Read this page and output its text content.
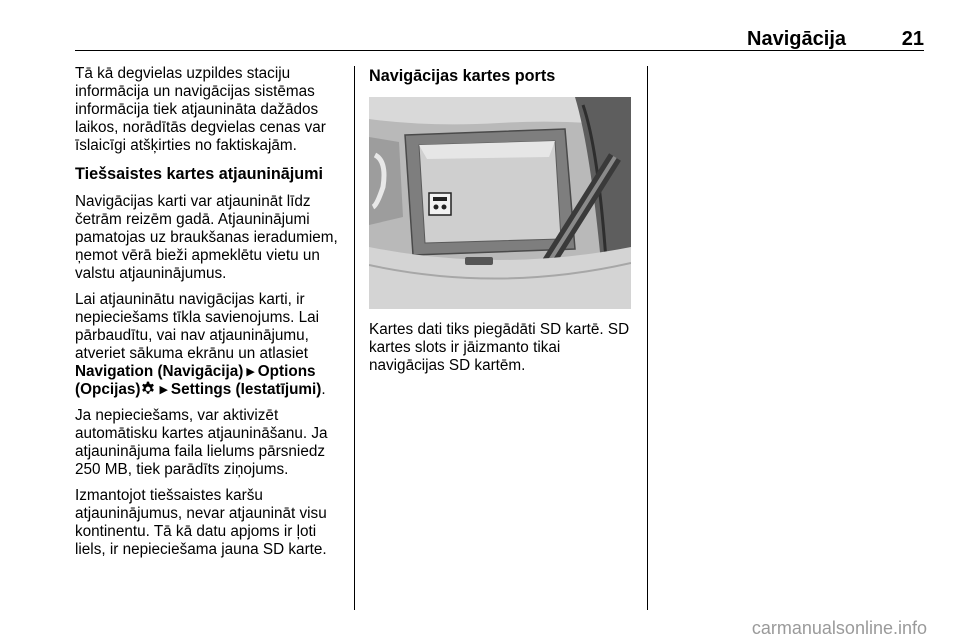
Navigācija	21

Tā kā degvielas uzpildes staciju informācija un navigācijas sistēmas informācija tiek atjaunināta dažādos laikos, norādītās degvielas cenas var īslaicīgi atšķirties no faktiskajām.

Tiešsaistes kartes atjauninājumi

Navigācijas karti var atjaunināt līdz četrām reizēm gadā. Atjauninājumi pamatojas uz braukšanas ieradumiem, ņemot vērā bieži apmeklētu vietu un valstu atjauninājumus.

Lai atjauninātu navigācijas karti, ir nepieciešams tīkla savienojums. Lai pārbaudītu, vai nav atjauninājumu, atveriet sākuma ekrānu un atlasiet Navigation (Navigācija) ▶ Options (Opcijas) ▶ Settings (Iestatījumi).

Ja nepieciešams, var aktivizēt automātisku kartes atjaunināšanu. Ja atjauninājuma faila lielums pārsniedz 250 MB, tiek parādīts ziņojums.

Izmantojot tiešsaistes karšu atjauninājumus, nevar atjaunināt visu kontinentu. Tā kā datu apjoms ir ļoti liels, ir nepieciešama jauna SD karte.

Navigācijas kartes ports

Kartes dati tiks piegādāti SD kartē. SD kartes slots ir jāizmanto tikai navigācijas SD kartēm.

carmanualsonline.info
